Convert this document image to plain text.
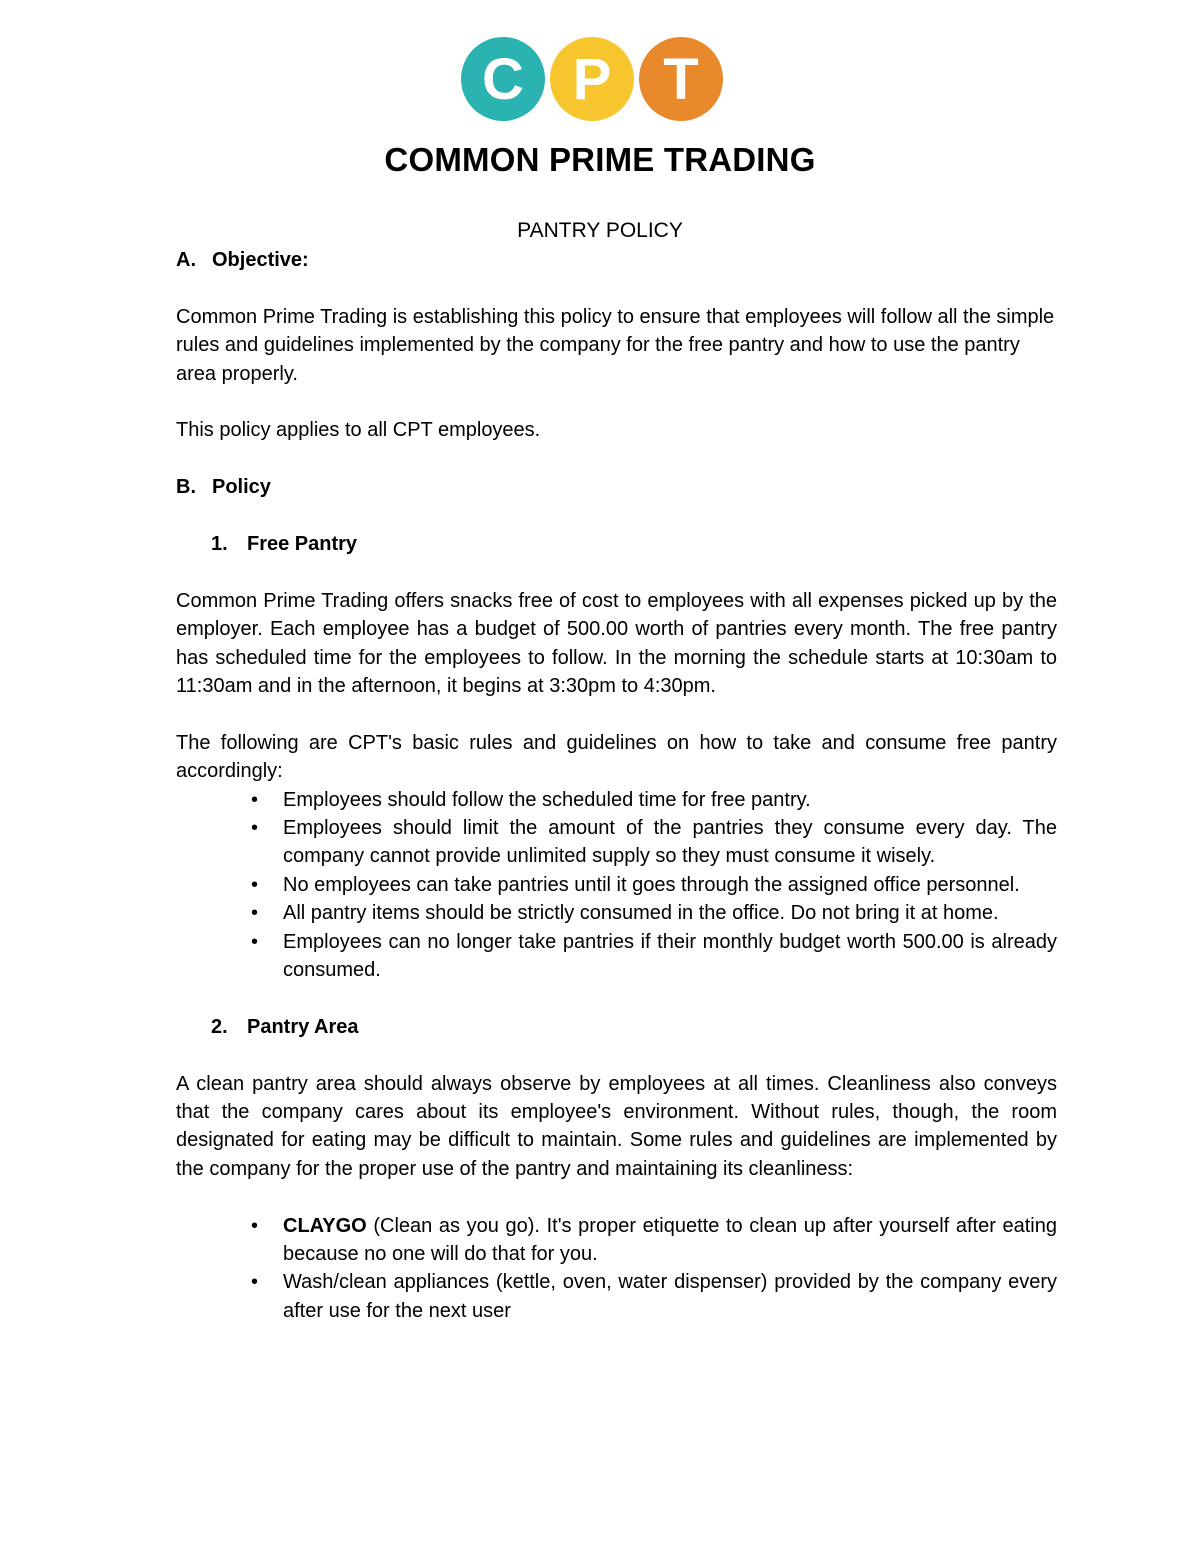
C P T
COMMON PRIME TRADING
PANTRY POLICY
A. Objective:

Common Prime Trading is establishing this policy to ensure that employees will follow all the simple rules and guidelines implemented by the company for the free pantry and how to use the pantry area properly.

This policy applies to all CPT employees.

B. Policy
1. Free Pantry

Common Prime Trading offers snacks free of cost to employees with all expenses picked up by the employer. Each employee has a budget of 500.00 worth of pantries every month. The free pantry has scheduled time for the employees to follow. In the morning the schedule starts at 10:30am to 11:30am and in the afternoon, it begins at 3:30pm to 4:30pm.

The following are CPT's basic rules and guidelines on how to take and consume free pantry accordingly:

•	Employees should follow the scheduled time for free pantry.
•	Employees should limit the amount of the pantries they consume every day. The company cannot provide unlimited supply so they must consume it wisely.
•	No employees can take pantries until it goes through the assigned office personnel.
•	All pantry items should be strictly consumed in the office. Do not bring it at home.
•	Employees can no longer take pantries if their monthly budget worth 500.00 is already consumed.
2. Pantry Area

A clean pantry area should always observe by employees at all times. Cleanliness also conveys that the company cares about its employee's environment. Without rules, though, the room designated for eating may be difficult to maintain. Some rules and guidelines are implemented by the company for the proper use of the pantry and maintaining its cleanliness:

•	CLAYGO (Clean as you go). It's proper etiquette to clean up after yourself after eating because no one will do that for you.
•	Wash/clean appliances (kettle, oven, water dispenser) provided by the company every after use for the next user
